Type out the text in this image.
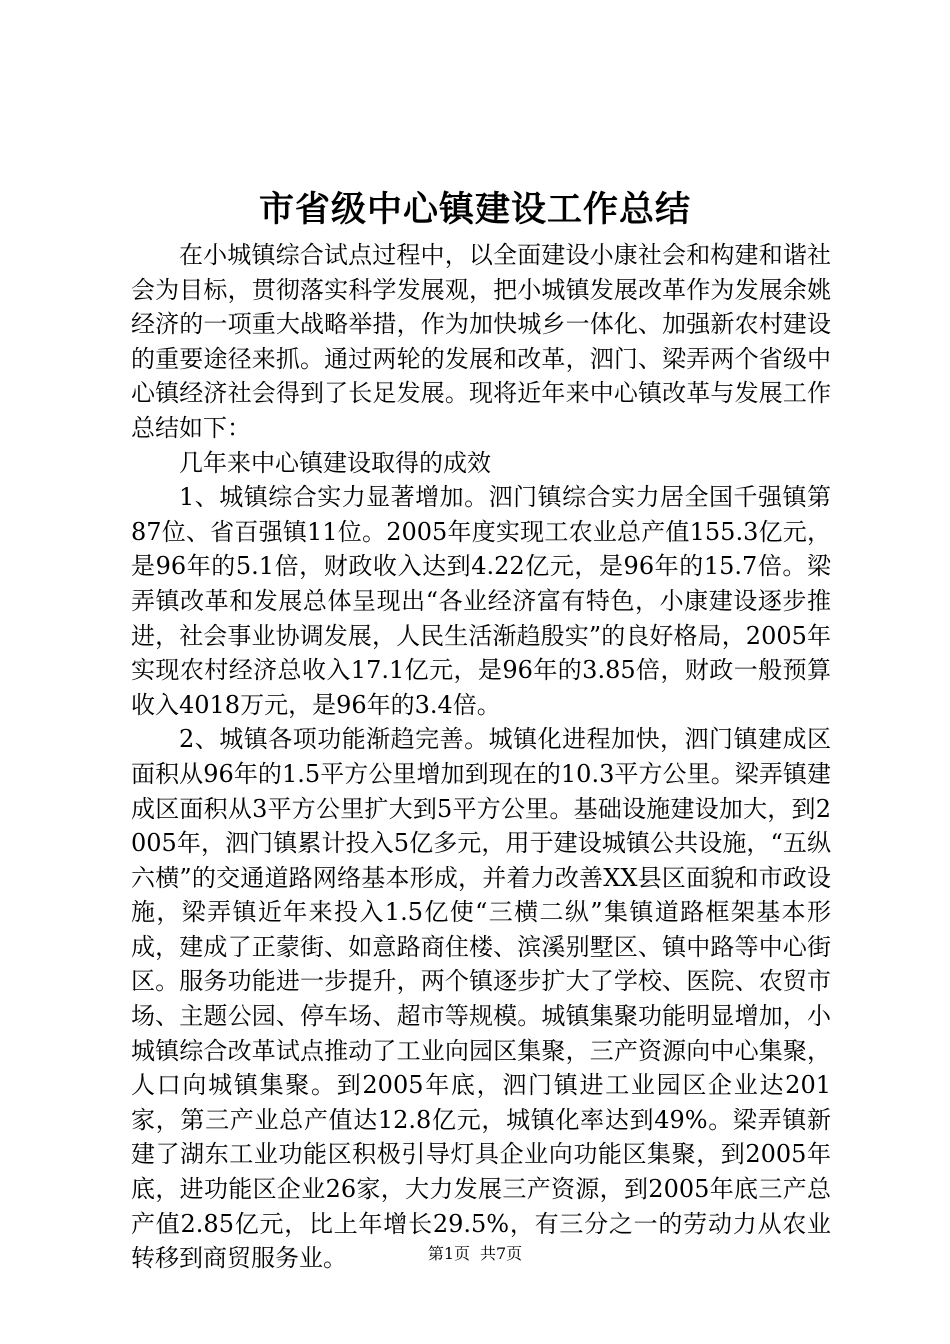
市省级中心镇建设工作总结

在小城镇综合试点过程中，以全面建设小康社会和构建和谐社会为目标，贯彻落实科学发展观，把小城镇发展改革作为发展余姚经济的一项重大战略举措，作为加快城乡一体化、加强新农村建设的重要途径来抓。通过两轮的发展和改革，泗门、梁弄两个省级中心镇经济社会得到了长足发展。现将近年来中心镇改革与发展工作总结如下：

几年来中心镇建设取得的成效

1、城镇综合实力显著增加。泗门镇综合实力居全国千强镇第87位、省百强镇11位。2005年度实现工农业总产值155.3亿元，是96年的5.1倍，财政收入达到4.22亿元，是96年的15.7倍。梁弄镇改革和发展总体呈现出“各业经济富有特色，小康建设逐步推进，社会事业协调发展，人民生活渐趋殷实”的良好格局，2005年实现农村经济总收入17.1亿元，是96年的3.85倍，财政一般预算收入4018万元，是96年的3.4倍。

2、城镇各项功能渐趋完善。城镇化进程加快，泗门镇建成区面积从96年的1.5平方公里增加到现在的10.3平方公里。梁弄镇建成区面积从3平方公里扩大到5平方公里。基础设施建设加大，到2005年，泗门镇累计投入5亿多元，用于建设城镇公共设施，“五纵六横”的交通道路网络基本形成，并着力改善XX县区面貌和市政设施，梁弄镇近年来投入1.5亿使“三横二纵”集镇道路框架基本形成，建成了正蒙街、如意路商住楼、滨溪别墅区、镇中路等中心街区。服务功能进一步提升，两个镇逐步扩大了学校、医院、农贸市场、主题公园、停车场、超市等规模。城镇集聚功能明显增加，小城镇综合改革试点推动了工业向园区集聚，三产资源向中心集聚，人口向城镇集聚。到2005年底，泗门镇进工业园区企业达201家，第三产业总产值达12.8亿元，城镇化率达到49%。梁弄镇新建了湖东工业功能区积极引导灯具企业向功能区集聚，到2005年底，进功能区企业26家，大力发展三产资源，到2005年底三产总产值2.85亿元，比上年增长29.5%，有三分之一的劳动力从农业转移到商贸服务业。	第1页 共7页
